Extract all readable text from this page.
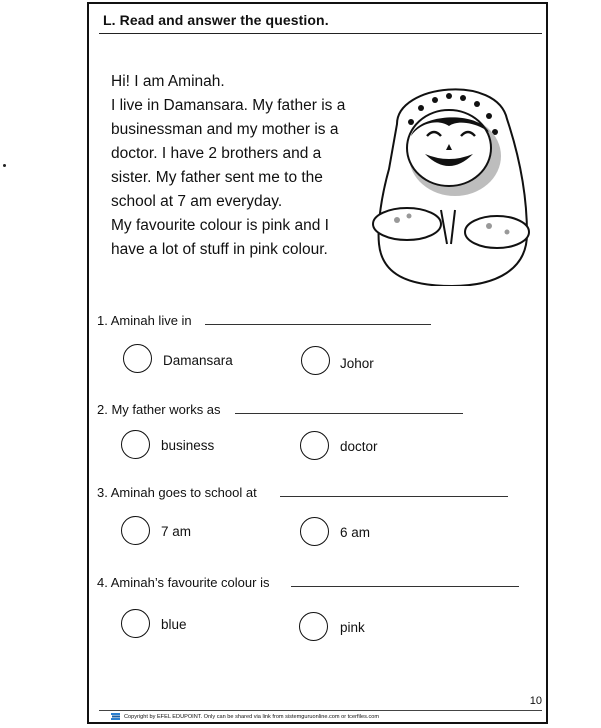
L. Read and answer the question.
Hi! I am Aminah.
I live in Damansara. My father is a
businessman and my mother is a
doctor. I have 2 brothers and a
sister. My father sent me to the
school at 7 am everyday.
My favourite colour is pink and I
have a lot of stuff in pink colour.
1. Aminah live in
Damansara	Johor
2. My father works as
business	doctor
3. Aminah goes to school at
7 am	6 am
4. Aminah’s favourite colour is
blue	pink
10
Copyright by EFEL EDUPOINT. Only can be shared via link from sistemguruonline.com or tcerfiles.com
